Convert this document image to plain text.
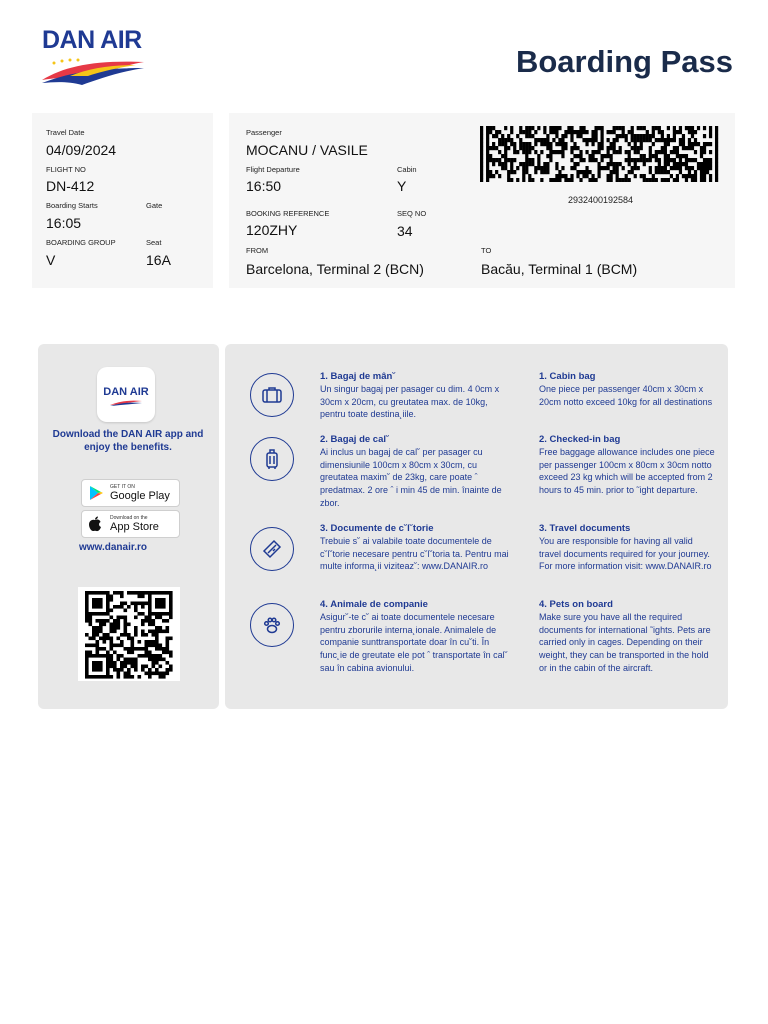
DAN AIR
Boarding Pass
Travel Date
04/09/2024
FLIGHT NO
DN-412
Boarding Starts	Gate
16:05
BOARDING GROUP	Seat
V	16A
Passenger
MOCANU / VASILE
Flight Departure	Cabin
16:50	Y
BOOKING REFERENCE	SEQ NO
120ZHY	34
FROM	TO
Barcelona, Terminal 2 (BCN)	Bacău, Terminal 1 (BCM)
2932400192584
DAN AIR
Download the DAN AIR app and enjoy the benefits.
GET IT ON
Google Play
Download on the
App Store
www.danair.ro
1. Bagaj de mân˘
Un singur bagaj per pasager cu dim. 4 0cm x 30cm x 20cm, cu greutatea max. de 10kg, pentru toate destina˛iile.
2. Bagaj de cal˘
Ai inclus un bagaj de cal˘ per pasager cu dimensiunile 100cm x 80cm x 30cm, cu greutatea maxim˘ de 23kg, care poate ˆ predatmax. 2 ore ˆ i min 45 de min. înainte de zbor.
3. Documente de c˘l˘torie
Trebuie s˘ ai valabile toate documentele de c˘l˘torie necesare pentru c˘l˘toria ta. Pentru mai multe informa˛ii viziteaz˘: www.DANAIR.ro
4. Animale de companie
Asigur˘-te c˘ ai toate documentele necesare pentru zborurile interna˛ionale. Animalele de companie sunttransportate doar în cu˘ti. În func˛ie de greutate ele pot ˆ transportate în cal˘ sau în cabina avionului.
1. Cabin bag
One piece per passenger 40cm x 30cm x 20cm notto exceed 10kg for all destinations
2. Checked-in bag
Free baggage allowance includes one piece per passenger 100cm x 80cm x 30cm notto exceed 23 kg which will be accepted from 2 hours to 45 min. prior to ˜ight departure.
3. Travel documents
You are responsible for having all valid travel documents required for your journey. For more information visit: www.DANAIR.ro
4. Pets on board
Make sure you have all the required documents for international ˜ights. Pets are carried only in cages. Depending on their weight, they can be transported in the hold or in the cabin of the aircraft.
